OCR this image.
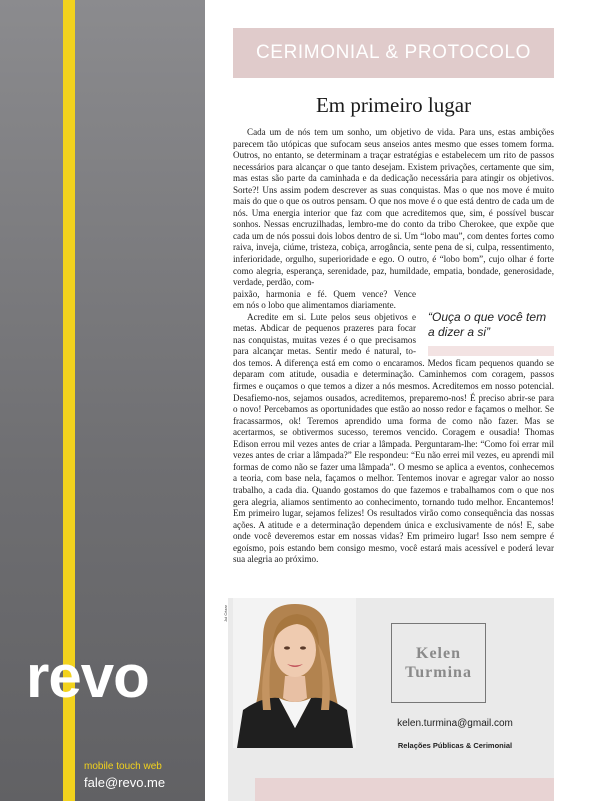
revo
mobile touch web
fale@revo.me
CERIMONIAL & PROTOCOLO
Em primeiro lugar

Cada um de nós tem um sonho, um objetivo de vida. Para uns, estas ambições parecem tão utópicas que sufocam seus anseios antes mesmo que esses tomem forma. Outros, no entanto, se determinam a traçar estratégias e estabelecem um rito de passos necessários para alcançar o que tanto desejam. Existem privações, certamente que sim, mas estas são parte da caminhada e da dedicação necessária para atingir os objetivos. Sorte?! Uns assim podem descrever as suas conquistas. Mas o que nos move é muito mais do que o que os outros pensam. O que nos move é o que está dentro de cada um de nós. Uma energia interior que faz com que acreditemos que, sim, é possível buscar sonhos. Nessas encruzilhadas, lembro-me do conto da tribo Cherokee, que expõe que cada um de nós possui dois lobos dentro de si. Um “lobo mau”, com dentes fortes como raiva, inveja, ciúme, tristeza, cobiça, arrogância, sente pena de si, culpa, ressentimento, inferioridade, orgulho, superioridade e ego. O outro, é “lobo bom”, cujo olhar é forte como alegria, esperança, serenidade, paz, humildade, empatia, bondade, generosidade, verdade, perdão, com-

paixão, harmonia e fé. Quem vence? Vence
em nós o lobo que alimentamos diariamente.
Acredite em si. Lute pelos seus objetivos e
metas. Abdicar de pequenos prazeres para focar
nas conquistas, muitas vezes é o que precisamos
para alcançar metas. Sentir medo é natural, to-
dos temos. A diferença está em como o encaramos. Medos ficam pequenos quando se deparam com atitude, ousadia e determinação. Caminhemos com coragem, passos firmes e ouçamos o que temos a dizer a nós mesmos. Acreditemos em nosso potencial. Desafiemo-nos, sejamos ousados, acreditemos, preparemo-nos! É preciso abrir-se para o novo! Percebamos as oportunidades que estão ao nosso redor e façamos o melhor. Se fracassarmos, ok! Teremos aprendido uma forma de como não fazer. Mas se acertarmos, se obtivermos sucesso, teremos vencido. Coragem e ousadia! Thomas Edison errou mil vezes antes de criar a lâmpada. Perguntaram-lhe: “Como foi errar mil vezes antes de criar a lâmpada?” Ele respondeu: “Eu não errei mil vezes, eu aprendi mil formas de como não se fazer uma lâmpada”. O mesmo se aplica a eventos, conhecemos a teoria, com base nela, façamos o melhor. Tentemos inovar e agregar valor ao nosso trabalho, a cada dia. Quando gostamos do que fazemos e trabalhamos com o que nos gera alegria, aliamos sentimento ao conhecimento, tornando tudo melhor. Encantemos! Em primeiro lugar, sejamos felizes! Os resultados virão como consequência das nossas ações. A atitude e a determinação dependem única e exclusivamente de nós! E, sabe onde você deveremos estar em nossas vidas? Em primeiro lugar! Isso nem sempre é egoísmo, pois estando bem consigo mesmo, você estará mais acessível e poderá levar sua alegria ao próximo.
“Ouça o que você tem a dizer a si”
Jul Cézar
Kelen
Turmina
kelen.turmina@gmail.com
Relações Públicas & Cerimonial
